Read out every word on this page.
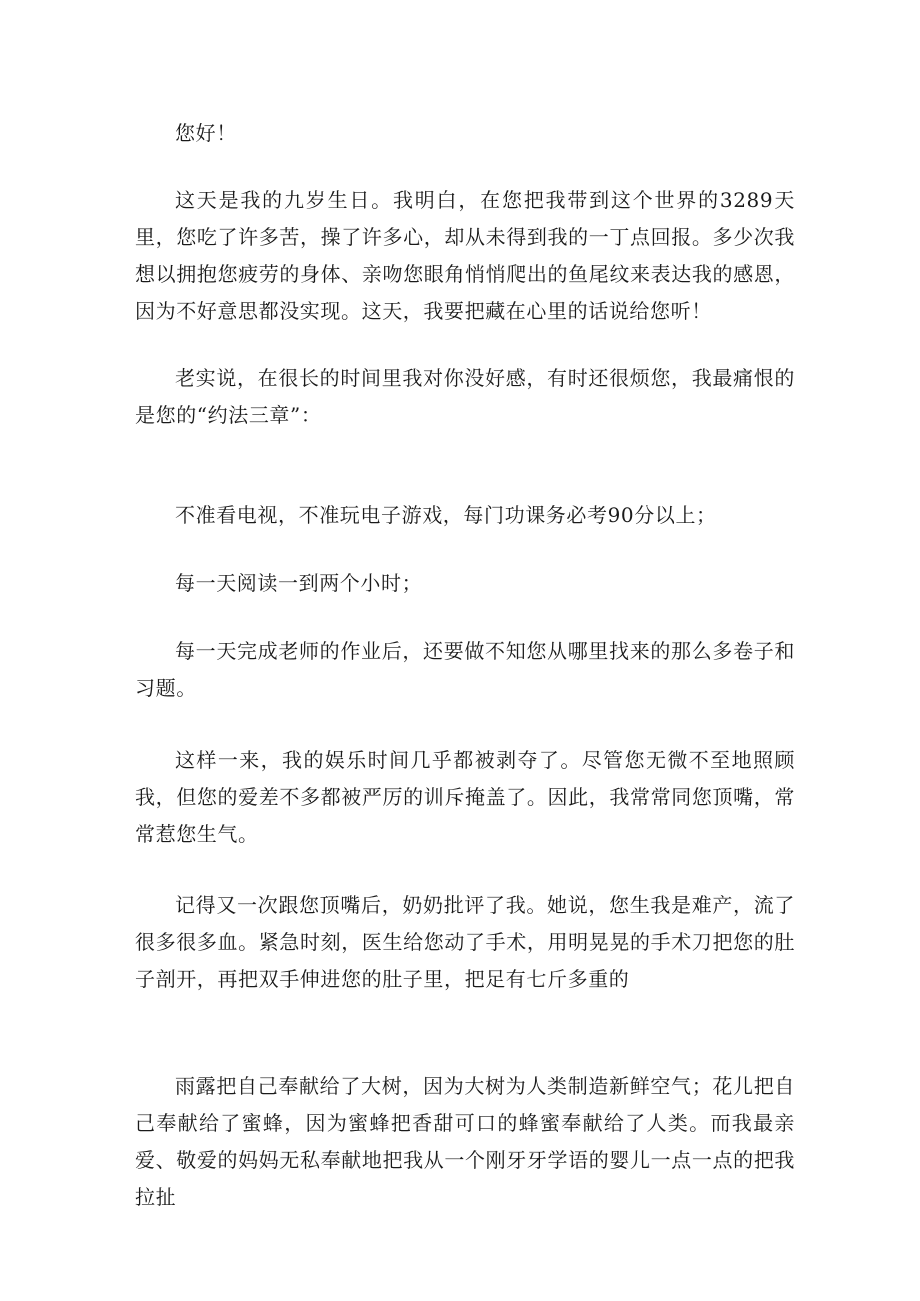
您好！

这天是我的九岁生日。我明白，在您把我带到这个世界的3289天里，您吃了许多苦，操了许多心，却从未得到我的一丁点回报。多少次我想以拥抱您疲劳的身体、亲吻您眼角悄悄爬出的鱼尾纹来表达我的感恩，因为不好意思都没实现。这天，我要把藏在心里的话说给您听！

老实说，在很长的时间里我对你没好感，有时还很烦您，我最痛恨的是您的“约法三章”：

不准看电视，不准玩电子游戏，每门功课务必考90分以上；

每一天阅读一到两个小时；

每一天完成老师的作业后，还要做不知您从哪里找来的那么多卷子和习题。

这样一来，我的娱乐时间几乎都被剥夺了。尽管您无微不至地照顾我，但您的爱差不多都被严厉的训斥掩盖了。因此，我常常同您顶嘴，常常惹您生气。

记得又一次跟您顶嘴后，奶奶批评了我。她说，您生我是难产，流了很多很多血。紧急时刻，医生给您动了手术，用明晃晃的手术刀把您的肚子剖开，再把双手伸进您的肚子里，把足有七斤多重的

雨露把自己奉献给了大树，因为大树为人类制造新鲜空气；花儿把自己奉献给了蜜蜂，因为蜜蜂把香甜可口的蜂蜜奉献给了人类。而我最亲爱、敬爱的妈妈无私奉献地把我从一个刚牙牙学语的婴儿一点一点的把我拉扯
